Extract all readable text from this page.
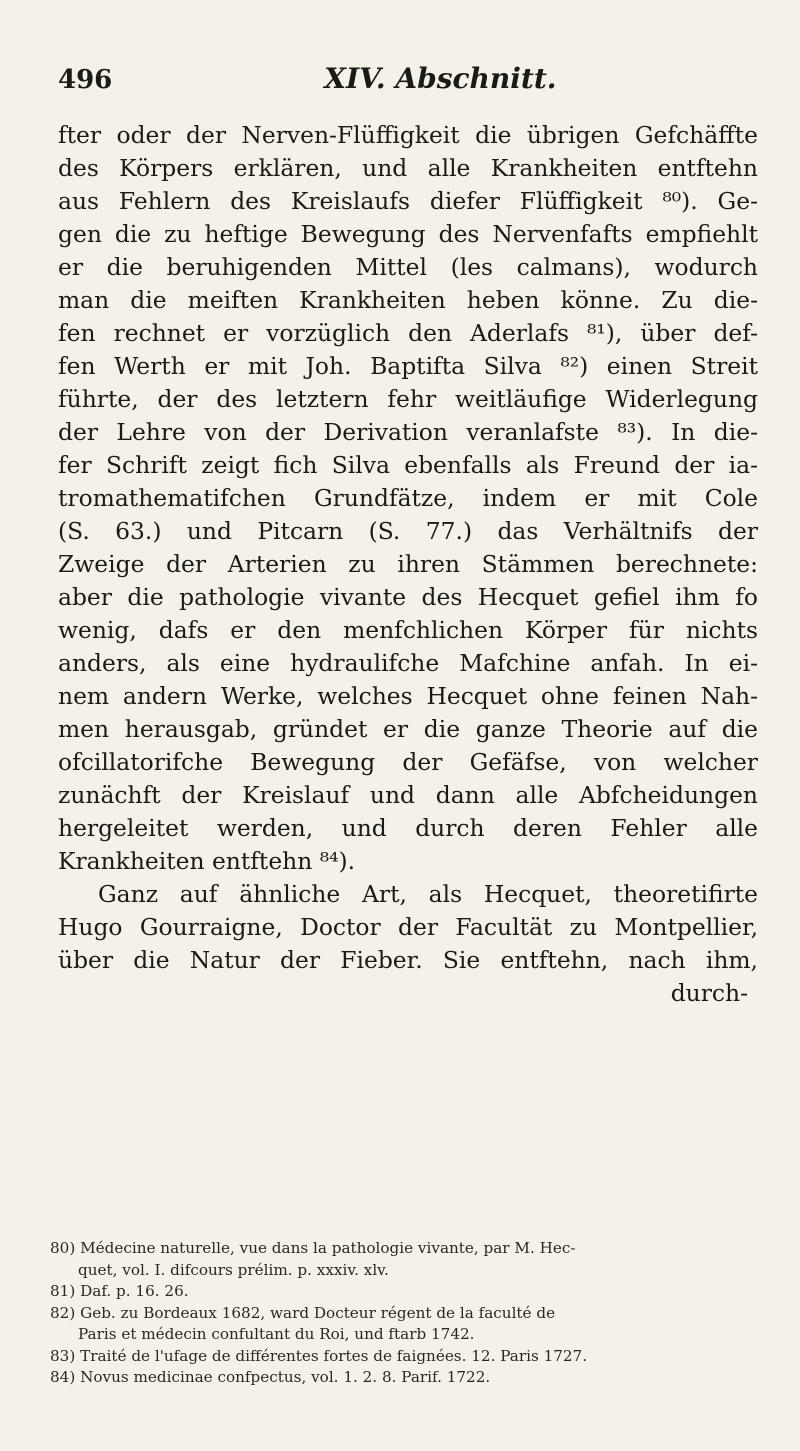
496	XIV. Abschnitt.
fter oder der Nerven-Flüffigkeit die übrigen Gefchäffte
des Körpers erklären, und alle Krankheiten entftehn
aus Fehlern des Kreislaufs diefer Flüffigkeit ⁸⁰). Ge-
gen die zu heftige Bewegung des Nervenfafts empfiehlt
er die beruhigenden Mittel (les calmans), wodurch
man die meiften Krankheiten heben könne. Zu die-
fen rechnet er vorzüglich den Aderlafs ⁸¹), über def-
fen Werth er mit Joh. Baptifta Silva ⁸²) einen Streit
führte, der des letztern fehr weitläufige Widerlegung
der Lehre von der Derivation veranlafste ⁸³). In die-
fer Schrift zeigt fich Silva ebenfalls als Freund der ia-
tromathematifchen Grundfätze, indem er mit Cole
(S. 63.) und Pitcarn (S. 77.) das Verhältnifs der
Zweige der Arterien zu ihren Stämmen berechnete:
aber die pathologie vivante des Hecquet gefiel ihm fo
wenig, dafs er den menfchlichen Körper für nichts
anders, als eine hydraulifche Mafchine anfah. In ei-
nem andern Werke, welches Hecquet ohne feinen Nah-
men herausgab, gründet er die ganze Theorie auf die
ofcillatorifche Bewegung der Gefäfse, von welcher
zunächft der Kreislauf und dann alle Abfcheidungen
hergeleitet werden, und durch deren Fehler alle
Krankheiten entftehn ⁸⁴).
Ganz auf ähnliche Art, als Hecquet, theoretifirte
Hugo Gourraigne, Doctor der Facultät zu Montpellier,
über die Natur der Fieber. Sie entftehn, nach ihm,
durch-
80) Médecine naturelle, vue dans la pathologie vivante, par M. Hec-
quet, vol. I. difcours prélim. p. xxxiv. xlv.
81) Daf. p. 16. 26.
82) Geb. zu Bordeaux 1682, ward Docteur régent de la faculté de
Paris et médecin confultant du Roi, und ftarb 1742.
83) Traité de l'ufage de différentes fortes de faignées. 12. Paris 1727.
84) Novus medicinae confpectus, vol. 1. 2. 8. Parif. 1722.
